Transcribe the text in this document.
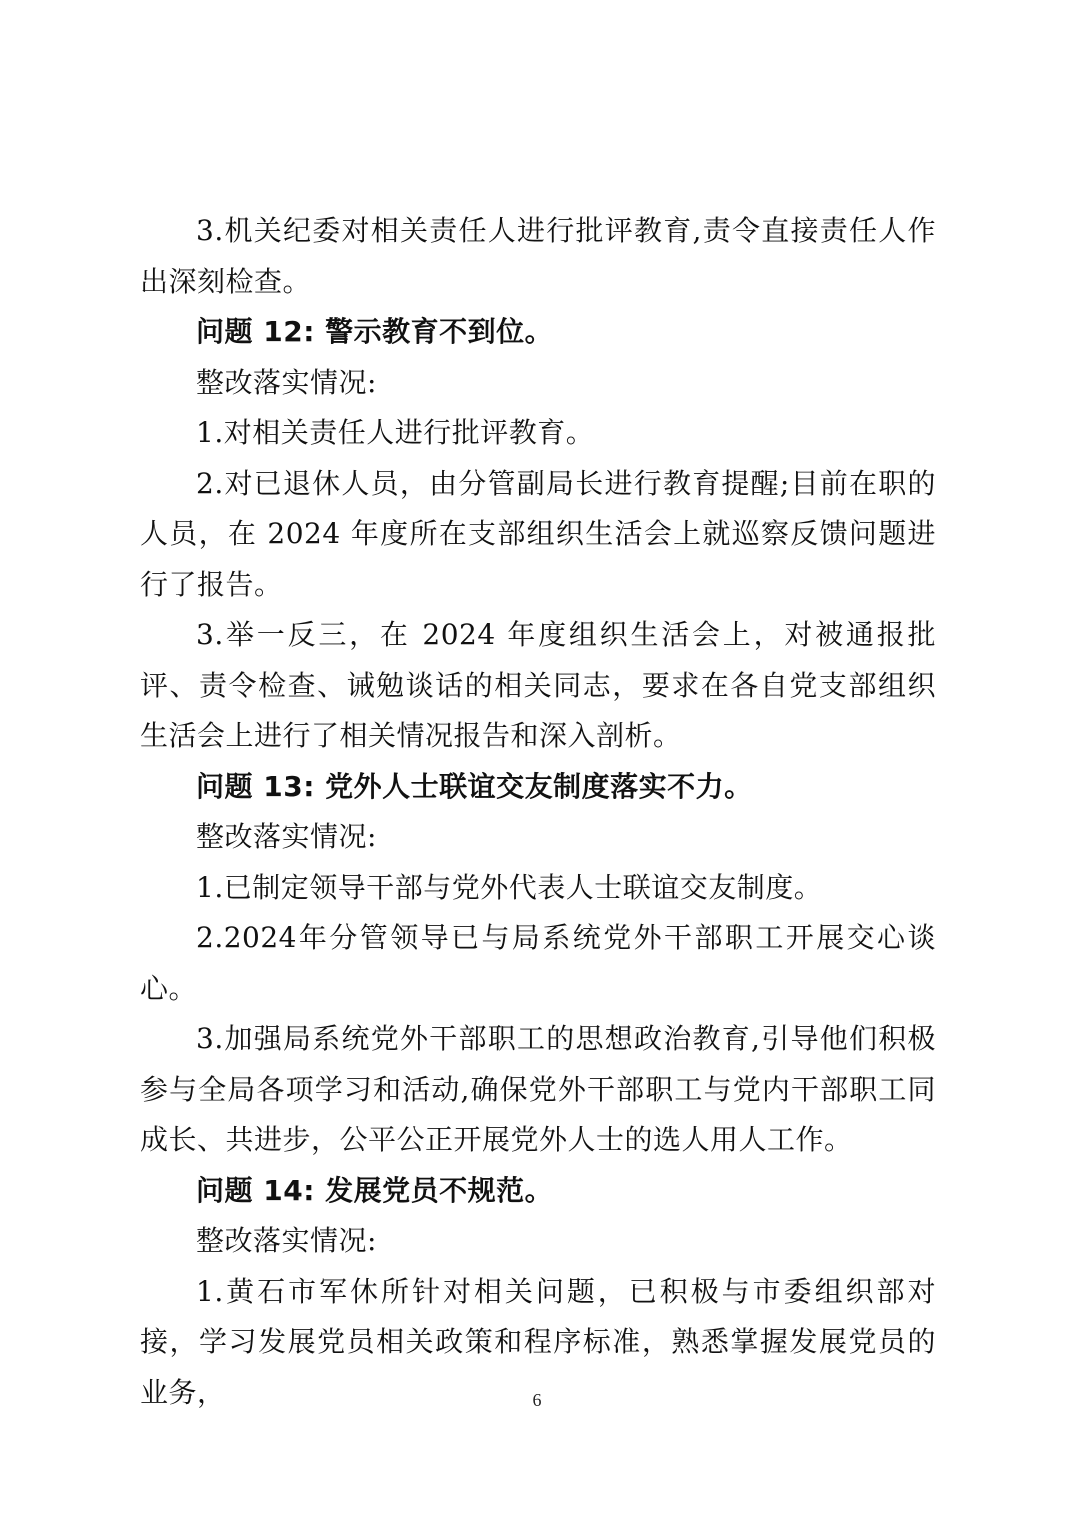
3.机关纪委对相关责任人进行批评教育,责令直接责任人作出深刻检查。

问题 12: 警示教育不到位。

整改落实情况:

1.对相关责任人进行批评教育。

2.对已退休人员，由分管副局长进行教育提醒;目前在职的人员，在 2024 年度所在支部组织生活会上就巡察反馈问题进行了报告。

3.举一反三，在 2024 年度组织生活会上，对被通报批评、责令检查、诫勉谈话的相关同志，要求在各自党支部组织生活会上进行了相关情况报告和深入剖析。

问题 13: 党外人士联谊交友制度落实不力。

整改落实情况:

1.已制定领导干部与党外代表人士联谊交友制度。

2.2024年分管领导已与局系统党外干部职工开展交心谈心。

3.加强局系统党外干部职工的思想政治教育,引导他们积极参与全局各项学习和活动,确保党外干部职工与党内干部职工同成长、共进步，公平公正开展党外人士的选人用人工作。

问题 14: 发展党员不规范。

整改落实情况:

1.黄石市军休所针对相关问题，已积极与市委组织部对接，学习发展党员相关政策和程序标准，熟悉掌握发展党员的业务，	6
